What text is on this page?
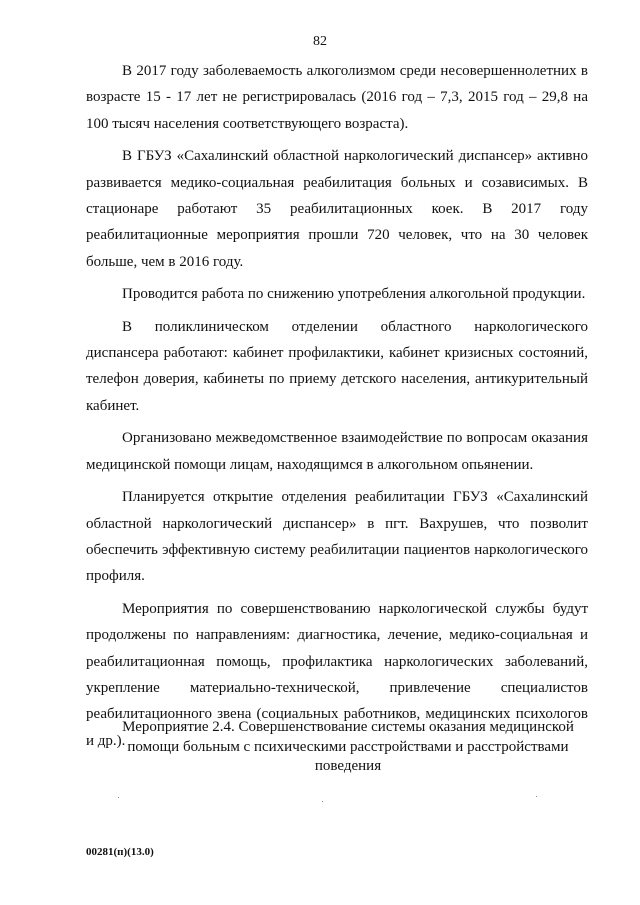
82

В 2017 году заболеваемость алкоголизмом среди несовершеннолетних в возрасте 15 - 17 лет не регистрировалась (2016 год – 7,3, 2015 год – 29,8 на 100 тысяч населения соответствующего возраста).

В ГБУЗ «Сахалинский областной наркологический диспансер» активно развивается медико-социальная реабилитация больных и созависимых. В стационаре работают 35 реабилитационных коек. В 2017 году реабилитационные мероприятия прошли 720 человек, что на 30 человек больше, чем в 2016 году.

Проводится работа по снижению употребления алкогольной продукции.

В поликлиническом отделении областного наркологического диспансера работают: кабинет профилактики, кабинет кризисных состояний, телефон доверия, кабинеты по приему детского населения, антикурительный кабинет.

Организовано межведомственное взаимодействие по вопросам оказания медицинской помощи лицам, находящимся в алкогольном опьянении.

Планируется открытие отделения реабилитации ГБУЗ «Сахалинский областной наркологический диспансер» в пгт. Вахрушев, что позволит обеспечить эффективную систему реабилитации пациентов наркологического профиля.

Мероприятия по совершенствованию наркологической службы будут продолжены по направлениям: диагностика, лечение, медико-социальная и реабилитационная помощь, профилактика наркологических заболеваний, укрепление материально-технической, привлечение специалистов реабилитационного звена (социальных работников, медицинских психологов и др.).

Мероприятие 2.4. Совершенствование системы оказания медицинской помощи больным с психическими расстройствами и расстройствами поведения
00281(п)(13.0)
